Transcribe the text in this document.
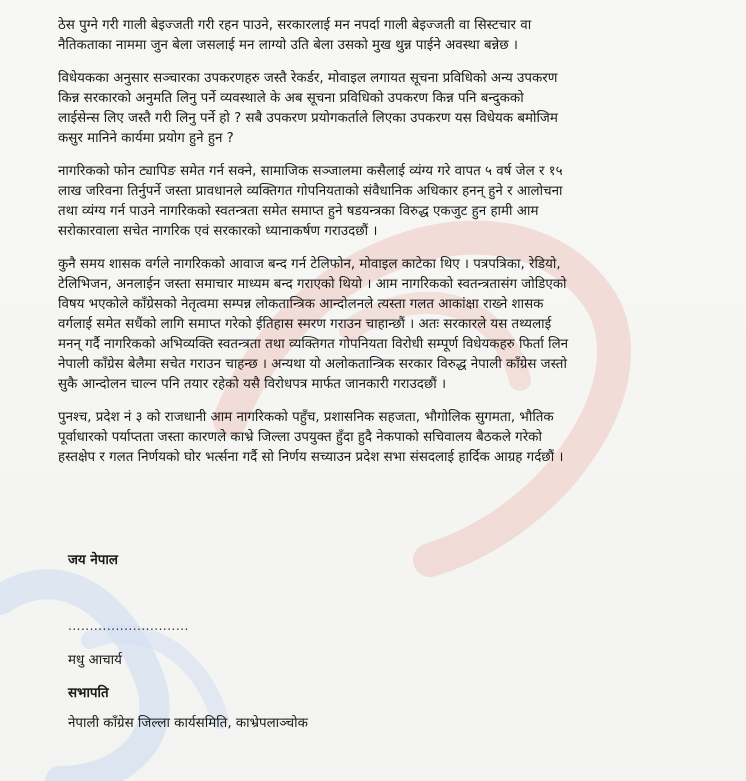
ठेस पुग्ने गरी गाली बेइज्जती गरी रहन पाउने, सरकारलाई मन नपर्दा गाली बेइज्जती वा सिस्टचार वा
नैतिकताका नाममा जुन बेला जसलाई मन लाग्यो उति बेला उसको मुख थुन्न पाईने अवस्था बन्नेछ ।

विधेयकका अनुसार सञ्चारका उपकरणहरु जस्तै रेकर्डर, मोवाइल लगायत सूचना प्रविधिको अन्य उपकरण
किन्न सरकारको अनुमति लिनु पर्ने व्यवस्थाले के अब सूचना प्रविधिको उपकरण किन्न पनि बन्दुकको
लाईसेन्स लिए जस्तै गरी लिनु पर्ने हो ? सबै उपकरण प्रयोगकर्ताले लिएका उपकरण यस विधेयक बमोजिम
कसुर मानिने कार्यमा प्रयोग हुने हुन ?

नागरिकको फोन ट्यापिङ समेत गर्न सक्ने, सामाजिक सञ्जालमा कसैलाई व्यंग्य गरे वापत ५ वर्ष जेल र १५
लाख जरिवना तिर्नुपर्ने जस्ता प्रावधानले व्यक्तिगत गोपनियताको संवैधानिक अधिकार हनन् हुने र आलोचना
तथा व्यंग्य गर्न पाउने नागरिकको स्वतन्त्रता समेत समाप्त हुने षडयन्त्रका विरुद्ध एकजुट हुन हामी आम
सरोकारवाला सचेत नागरिक एवं सरकारको ध्यानाकर्षण गराउदछौं ।

कुनै समय शासक वर्गले नागरिकको आवाज बन्द गर्न टेलिफोन, मोवाइल काटेका थिए । पत्रपत्रिका, रेडियो,
टेलिभिजन, अनलाईन जस्ता समाचार माध्यम बन्द गराएको थियो । आम नागरिकको स्वतन्त्रतासंग जोडिएको
विषय भएकोले काँग्रेसको नेतृत्वमा सम्पन्न लोकतान्त्रिक आन्दोलनले त्यस्ता गलत आकांक्षा राख्ने शासक
वर्गलाई समेत सधैंको लागि समाप्त गरेको ईतिहास स्मरण गराउन चाहान्छौं । अतः सरकारले यस तथ्यलाई
मनन् गर्दै नागरिकको अभिव्यक्ति स्वतन्त्रता तथा व्यक्तिगत गोपनियता विरोधी सम्पूर्ण विधेयकहरु फिर्ता लिन
नेपाली काँग्रेस बेलैमा सचेत गराउन चाहन्छ । अन्यथा यो अलोकतान्त्रिक सरकार विरुद्ध नेपाली काँग्रेस जस्तो
सुकै आन्दोलन चाल्न पनि तयार रहेको यसै विरोधपत्र मार्फत जानकारी गराउदछौं ।

पुनश्च, प्रदेश नं ३ को राजधानी आम नागरिकको पहुँच, प्रशासनिक सहजता, भौगोलिक सुगमता, भौतिक
पूर्वाधारको पर्याप्तता जस्ता कारणले काभ्रे जिल्ला उपयुक्त हुँदा हुदै नेकपाको सचिवालय बैठकले गरेको
हस्तक्षेप र गलत निर्णयको घोर भर्त्सना गर्दै सो निर्णय सच्याउन प्रदेश सभा संसदलाई हार्दिक आग्रह गर्दछौं ।

जय नेपाल
............................
मधु आचार्य
सभापति
नेपाली काँग्रेस जिल्ला कार्यसमिति, काभ्रेपलाञ्चोक
